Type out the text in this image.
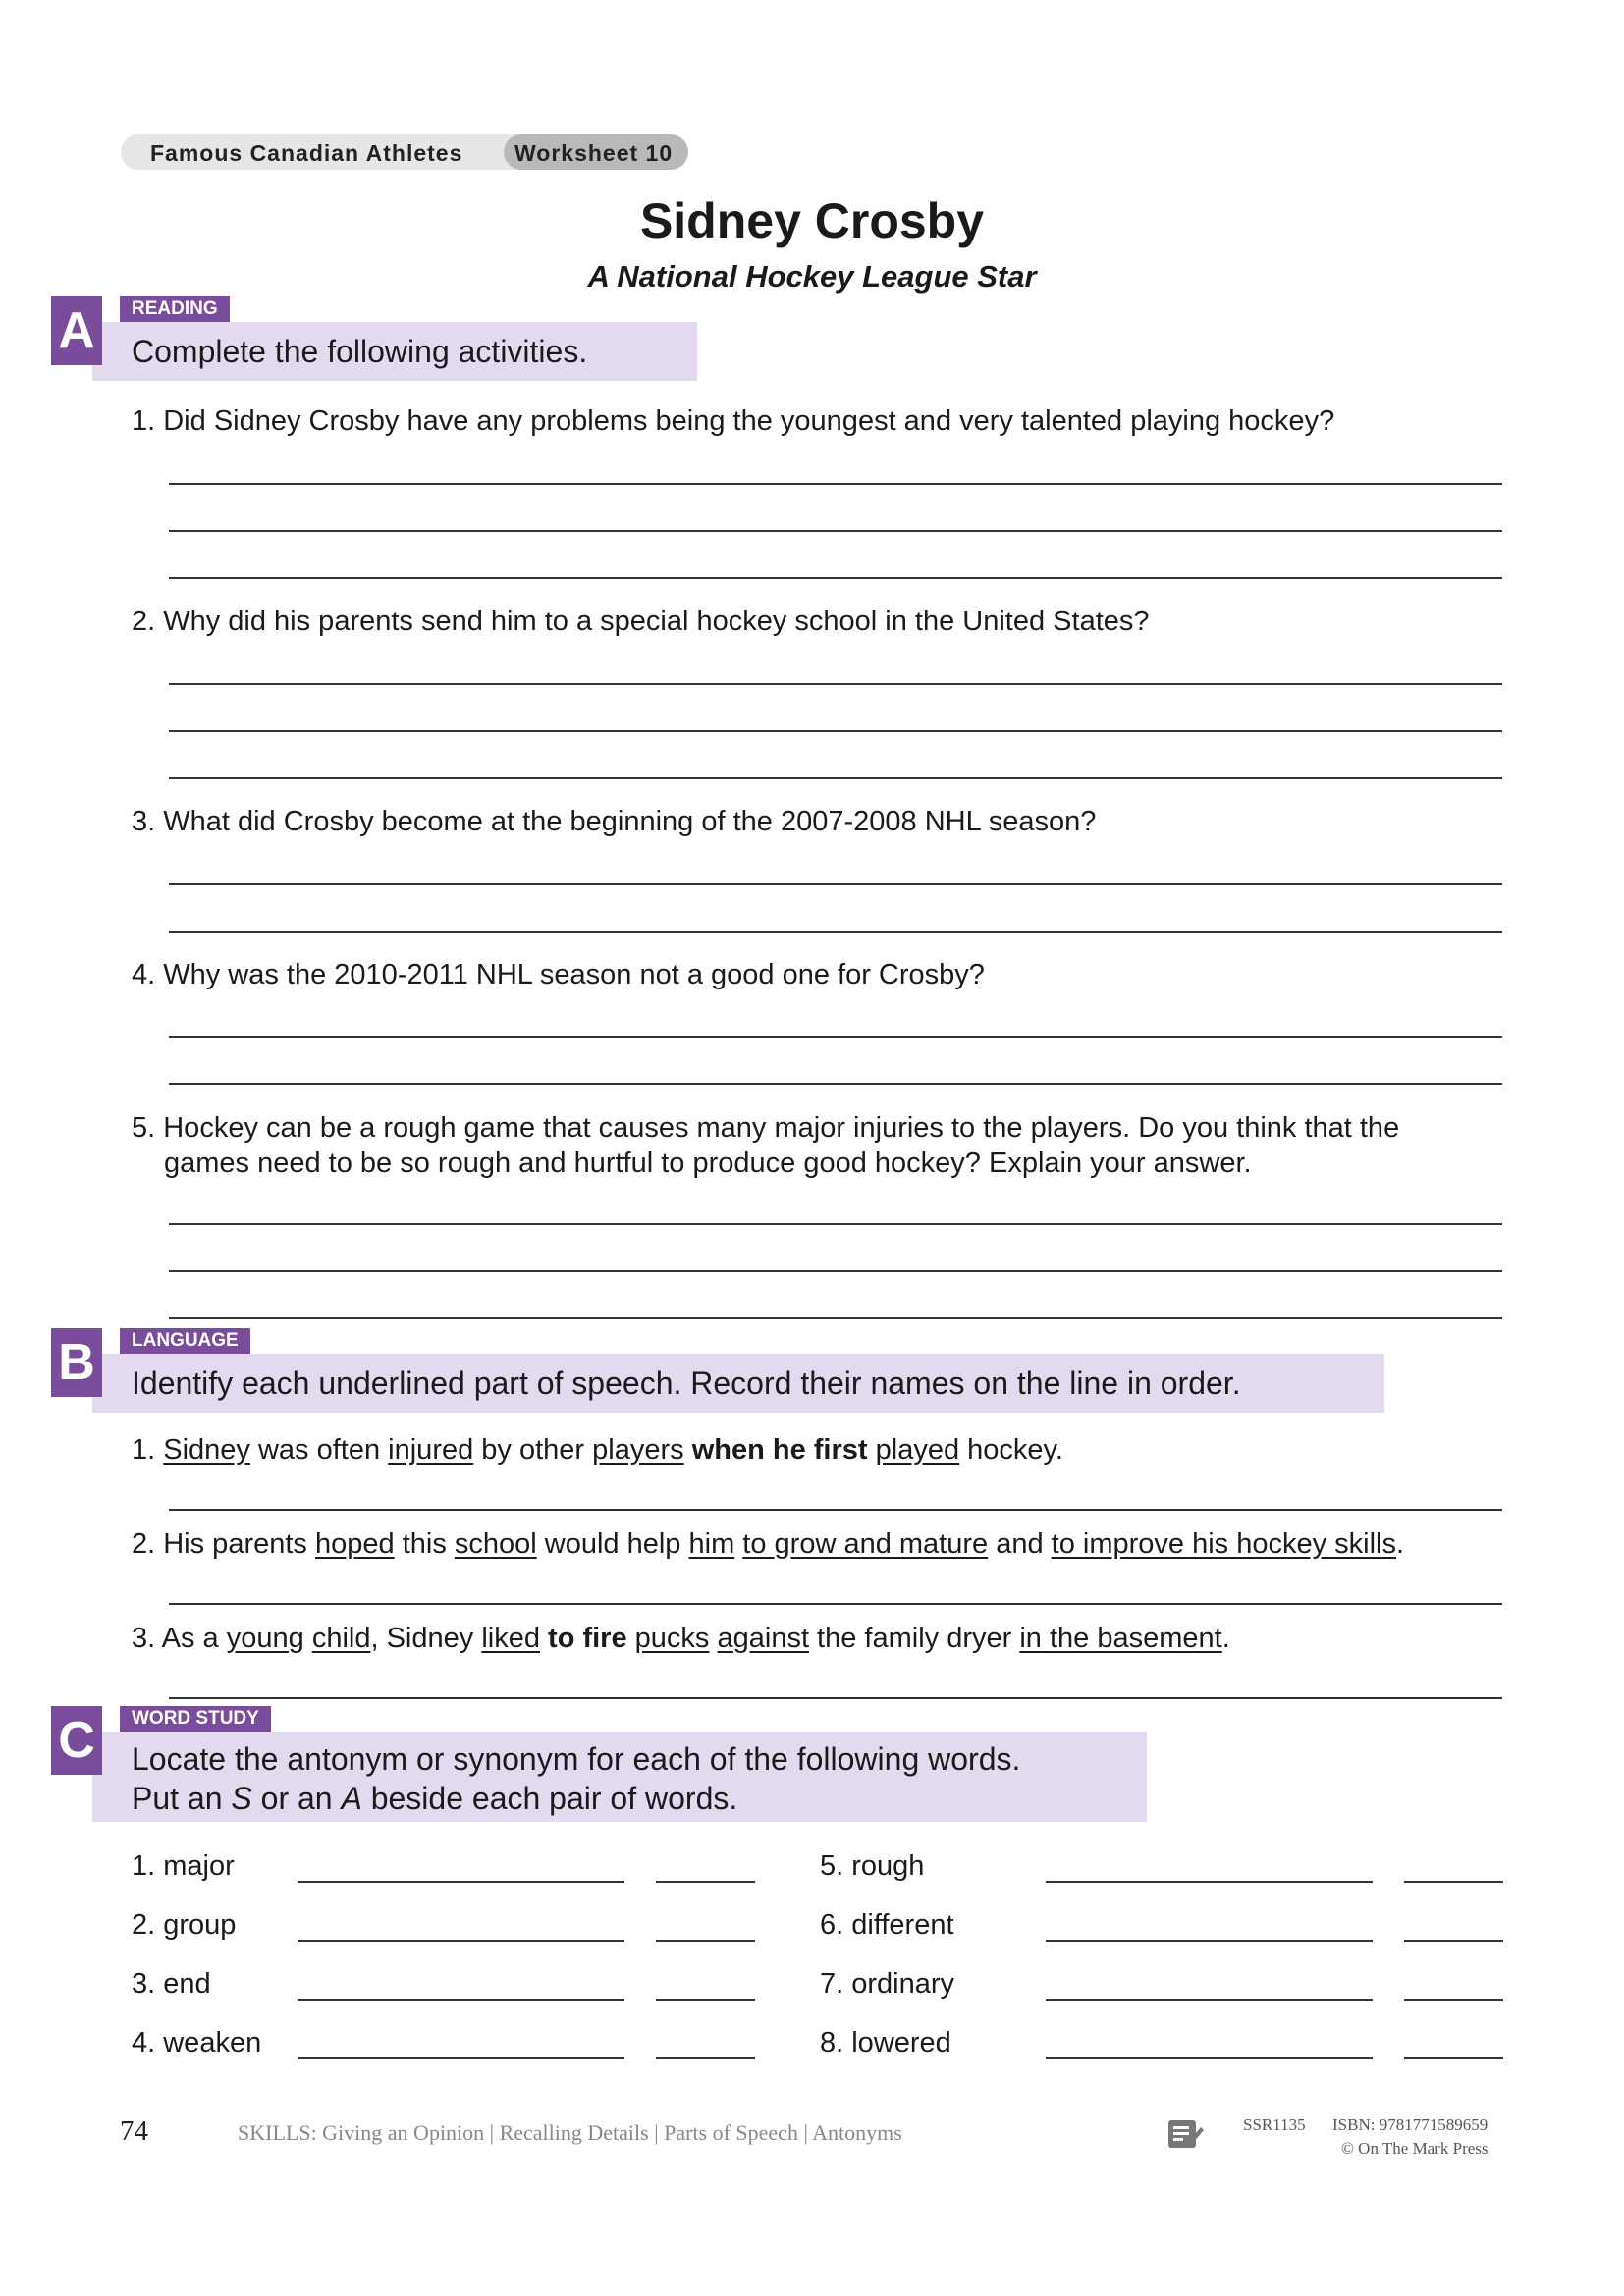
Famous Canadian Athletes Worksheet 10
Sidney Crosby
A National Hockey League Star
READING
Complete the following activities.
A
1. Did Sidney Crosby have any problems being the youngest and very talented playing hockey?
2. Why did his parents send him to a special hockey school in the United States?
3. What did Crosby become at the beginning of the 2007-2008 NHL season?
4. Why was the 2010-2011 NHL season not a good one for Crosby?
5. Hockey can be a rough game that causes many major injuries to the players. Do you think that the
games need to be so rough and hurtful to produce good hockey? Explain your answer.
LANGUAGE
Identify each underlined part of speech. Record their names on the line in order.
B
1. Sidney was often injured by other players when he first played hockey.
2. His parents hoped this school would help him to grow and mature and to improve his hockey skills.
3. As a young child, Sidney liked to fire pucks against the family dryer in the basement.
WORD STUDY
Locate the antonym or synonym for each of the following words.
Put an S or an A beside each pair of words.
C
1. major
2. group
3. end
4. weaken
5. rough
6. different
7. ordinary
8. lowered
74	SKILLS: Giving an Opinion | Recalling Details | Parts of Speech | Antonyms	SSR1135 ISBN: 9781771589659
© On The Mark Press
